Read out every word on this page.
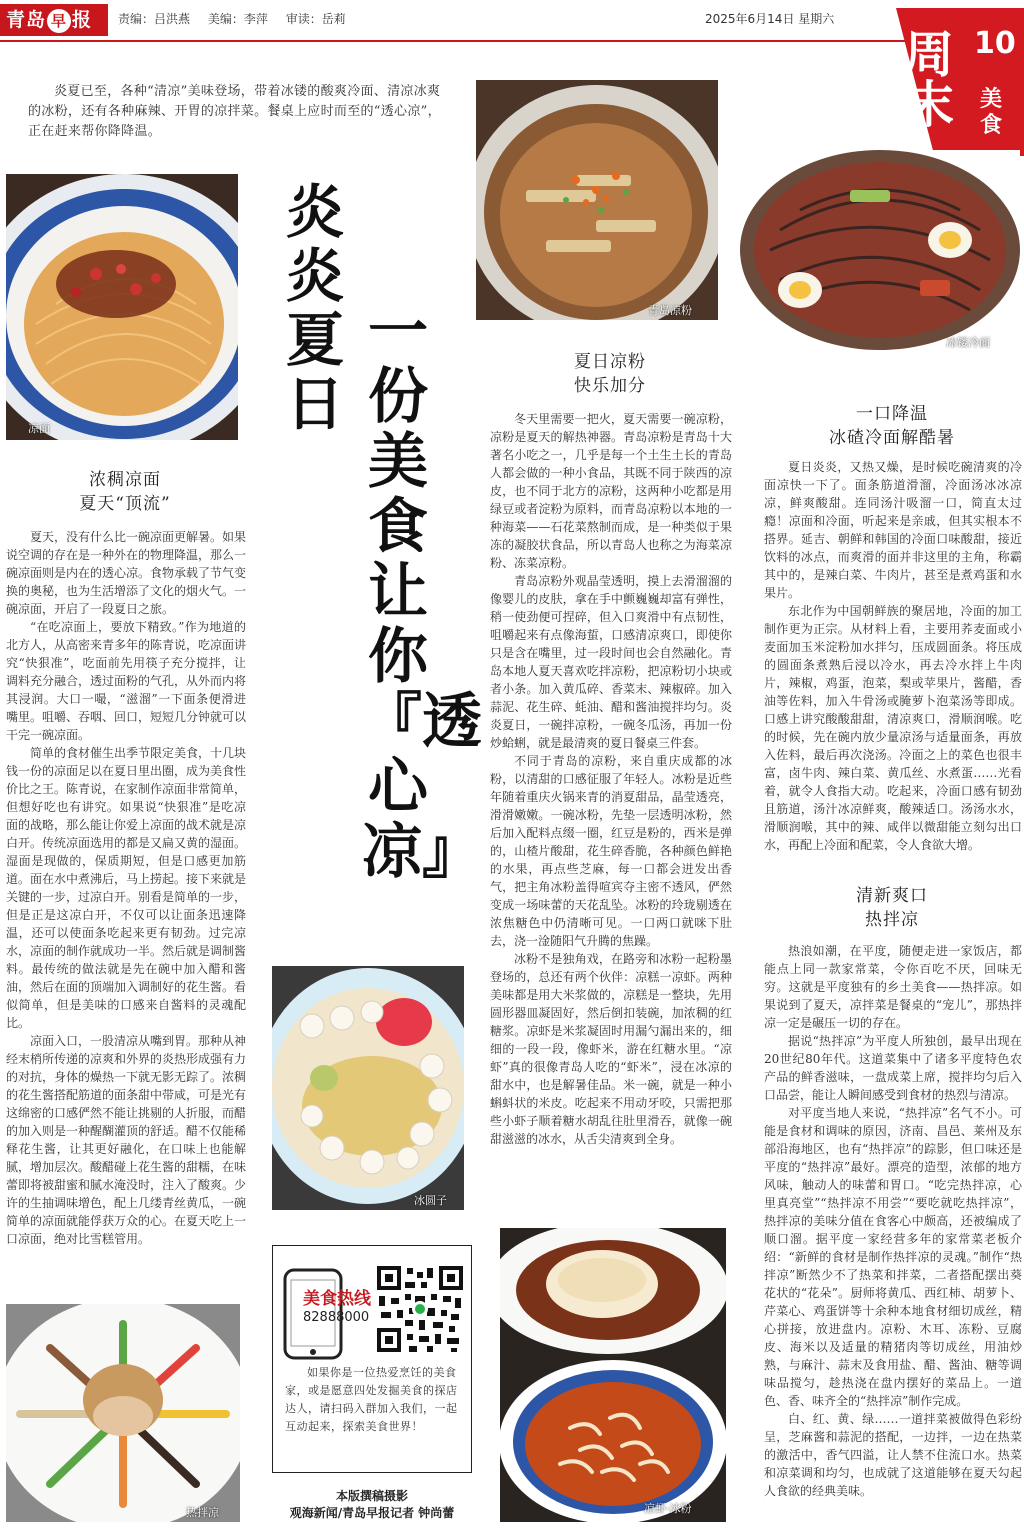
青岛 早 报	责编：吕洪燕 美编：李萍 审读：岳莉	2025年6月14日 星期六
周末
10
美食
炎夏已至，各种“清凉”美味登场，带着冰镂的酸爽冷面、清凉冰爽的冰粉，还有各种麻辣、开胃的凉拌菜。餐桌上应时而至的“透心凉”，正在赶来帮你降降温。
凉面
青岛凉粉
冰镂冷面
冰圆子
热拌凉	凉虾·冰粉
炎炎夏日
一份美食让你『透心凉』
浓稠凉面
夏天“顶流”

夏天，没有什么比一碗凉面更解暑。如果说空调的存在是一种外在的物理降温，那么一碗凉面则是内在的透心凉。食物承载了节气变换的奥秘，也为生活增添了文化的烟火气。一碗凉面，开启了一段夏日之旅。

“在吃凉面上，要放下精致。”作为地道的北方人，从高密来青多年的陈青说，吃凉面讲究“快狠准”，吃面前先用筷子充分搅拌，让调料充分融合，透过面粉的气孔，从外而内将其浸润。大口一嘬，“滋溜”一下面条便滑进嘴里。咀嚼、吞咽、回口，短短几分钟就可以干完一碗凉面。

简单的食材催生出季节限定美食，十几块钱一份的凉面足以在夏日里出圈，成为美食性价比之王。陈青说，在家制作凉面非常简单，但想好吃也有讲究。如果说“快狠准”是吃凉面的战略，那么能让你爱上凉面的战术就是凉白开。传统凉面选用的都是又扁又黄的湿面。湿面是现做的，保质期短，但是口感更加筋道。面在水中煮沸后，马上捞起。接下来就是关键的一步，过凉白开。别看是简单的一步，但是正是这凉白开，不仅可以让面条迅速降温，还可以使面条吃起来更有韧劲。过完凉水，凉面的制作就成功一半。然后就是调制酱料。最传统的做法就是先在碗中加入醋和酱油，然后在面的顶端加入调制好的花生酱。看似简单，但是美味的口感来自酱料的灵魂配比。

凉面入口，一股清凉从嘴到胃。那种从神经末梢所传递的凉爽和外界的炎热形成强有力的对抗，身体的燥热一下就无影无踪了。浓稠的花生酱搭配筋道的面条甜中带咸，可是光有这绵密的口感俨然不能让挑剔的人折服，而醋的加入则是一种醒醐灌顶的舒适。醋不仅能稀释花生酱，让其更好融化，在口味上也能解腻，增加层次。酸醋碰上花生酱的甜糯，在味蕾即将被甜蜜和腻水淹没时，注入了酸爽。少许的生抽调味增色，配上几缕青丝黄瓜，一碗简单的凉面就能俘获万众的心。在夏天吃上一口凉面，绝对比雪糕管用。

夏日凉粉
快乐加分

冬天里需要一把火，夏天需要一碗凉粉，凉粉是夏天的解热神器。青岛凉粉是青岛十大著名小吃之一，几乎是每一个土生土长的青岛人都会做的一种小食品，其既不同于陕西的凉皮，也不同于北方的凉粉，这两种小吃都是用绿豆或者淀粉为原料，而青岛凉粉以本地的一种海菜——石花菜熬制而成，是一种类似于果冻的凝胶状食品，所以青岛人也称之为海菜凉粉、冻菜凉粉。

青岛凉粉外观晶莹透明，摸上去滑溜溜的像婴儿的皮肤，拿在手中颤巍巍却富有弹性，稍一使劲便可捏碎，但入口爽滑中有点韧性，咀嚼起来有点像海蜇，口感清凉爽口，即使你只是含在嘴里，过一段时间也会自然融化。青岛本地人夏天喜欢吃拌凉粉，把凉粉切小块或者小条。加入黄瓜碎、香菜末、辣椒碎。加入蒜泥、花生碎、蚝油、醋和酱油搅拌均匀。炎炎夏日，一碗拌凉粉，一碗冬瓜汤，再加一份炒蛤蜊，就是最清爽的夏日餐桌三件套。

不同于青岛的凉粉，来自重庆成都的冰粉，以清甜的口感征服了年轻人。冰粉是近些年随着重庆火锅来青的消夏甜品，晶莹透亮，滑滑嫩嫩。一碗冰粉，先垫一层透明冰粉，然后加入配料点缀一圈，红豆是粉的，西米是弹的，山楂片酸甜，花生碎香脆，各种颜色鲜艳的水果，再点些芝麻，每一口都会迸发出香气，把主角冰粉盖得喧宾夺主密不透风，俨然变成一场味蕾的天花乱坠。冰粉的玲珑剔透在浓焦糖色中仍清晰可见。一口两口就咪下肚去，浇一淦随阳气升腾的焦躁。

冰粉不是独角戏，在路旁和冰粉一起粉墨登场的，总还有两个伙伴：凉糕一凉虾。两种美味都是用大米浆做的，凉糕是一整块，先用圆形器皿凝固好，然后倒扣装碗，加浓稠的红糖浆。凉虾是米浆凝固时用漏勺漏出来的，细细的一段一段，像虾米，游在红糖水里。“凉虾”真的很像青岛人吃的“虾米”，浸在冰凉的甜水中，也是解暑佳品。米一碗，就是一种小蝌蚪状的米皮。吃起来不用动牙咬，只需把那些小虾子顺着糖水胡乱往肚里滑吞，就像一碗甜滋滋的冰水，从舌尖清爽到全身。

一口降温
冰碴冷面解酷暑

夏日炎炎，又热又燥，是时候吃碗清爽的冷面凉快一下了。面条筋道滑溜，冷面汤冰冰凉凉，鲜爽酸甜。连同汤汁吸溜一口，简直太过瘾！凉面和冷面，听起来是亲戚，但其实根本不搭界。延吉、朝鲜和韩国的冷面口味酸甜，接近饮料的冰点，而爽滑的面并非这里的主角，称霸其中的，是辣白菜、牛肉片，甚至是煮鸡蛋和水果片。

东北作为中国朝鲜族的聚居地，冷面的加工制作更为正宗。从材料上看，主要用荞麦面或小麦面加玉米淀粉加水拌匀，压成圆面条。将压成的圆面条煮熟后浸以冷水，再去冷水拌上牛肉片，辣椒，鸡蛋，泡菜，梨或苹果片，酱醋，香油等佐料，加入牛骨汤或腌萝卜泡菜汤等即成。口感上讲究酸酸甜甜，清凉爽口，滑顺润喉。吃的时候，先在碗内放少量凉汤与适量面条，再放入佐料，最后再次浇汤。冷面之上的菜色也很丰富，卤牛肉、辣白菜、黄瓜丝、水煮蛋……光看着，就令人食指大动。吃起来，冷面口感有韧劲且筋道，汤汁冰凉鲜爽，酸辣适口。汤汤水水，滑顺润喉，其中的辣、咸伴以微甜能立刻勾出口水，再配上冷面和配菜，令人食欲大增。

清新爽口
热拌凉

热浪如潮，在平度，随便走进一家饭店，都能点上同一款家常菜，令你百吃不厌，回味无穷。这就是平度独有的乡土美食——热拌凉。如果说到了夏天，凉拌菜是餐桌的“宠儿”，那热拌凉一定是碾压一切的存在。

据说“热拌凉”为平度人所独创，最早出现在20世纪80年代。这道菜集中了诸多平度特色农产品的鲜香滋味，一盘成菜上席，搅拌均匀后入口品尝，能让人瞬间感受到食材的热烈与清凉。

对平度当地人来说，“热拌凉”名气不小。可能是食材和调味的原因，济南、昌邑、莱州及东部沿海地区，也有“热拌凉”的踪影，但口味还是平度的“热拌凉”最好。漂亮的造型，浓郁的地方风味，触动人的味蕾和胃口。“吃完热拌凉，心里真亮堂”“热拌凉不用尝”“要吃就吃热拌凉”，热拌凉的美味分值在食客心中颇高，还被编成了顺口溜。据平度一家经营多年的家常菜老板介绍：“新鲜的食材是制作热拌凉的灵魂。”制作“热拌凉”断然少不了热菜和拌菜，二者搭配摆出葵花状的“花朵”。厨师将黄瓜、西红柿、胡萝卜、芹菜心、鸡蛋饼等十余种本地食材细切成丝，精心拼接，放进盘内。凉粉、木耳、冻粉、豆腐皮、海米以及适量的精猪肉等切成丝，用油炒熟，与麻汁、蒜末及食用盐、醋、酱油、糖等调味品搅匀，趁热浇在盘内摆好的菜品上。一道色、香、味齐全的“热拌凉”制作完成。

白、红、黄、绿……一道拌菜被做得色彩纷呈，芝麻酱和蒜泥的搭配，一边拌，一边在热菜的激活中，香气四溢，让人禁不住流口水。热菜和凉菜调和均匀，也成就了这道能够在夏天勾起人食欲的经典美味。

美食热线
82888000
如果你是一位热爱烹饪的美食家，或是愿意四处发掘美食的探店达人，请扫码入群加入我们，一起互动起来，探索美食世界！
本版撰稿摄影
观海新闻/青岛早报记者 钟尚蕾
